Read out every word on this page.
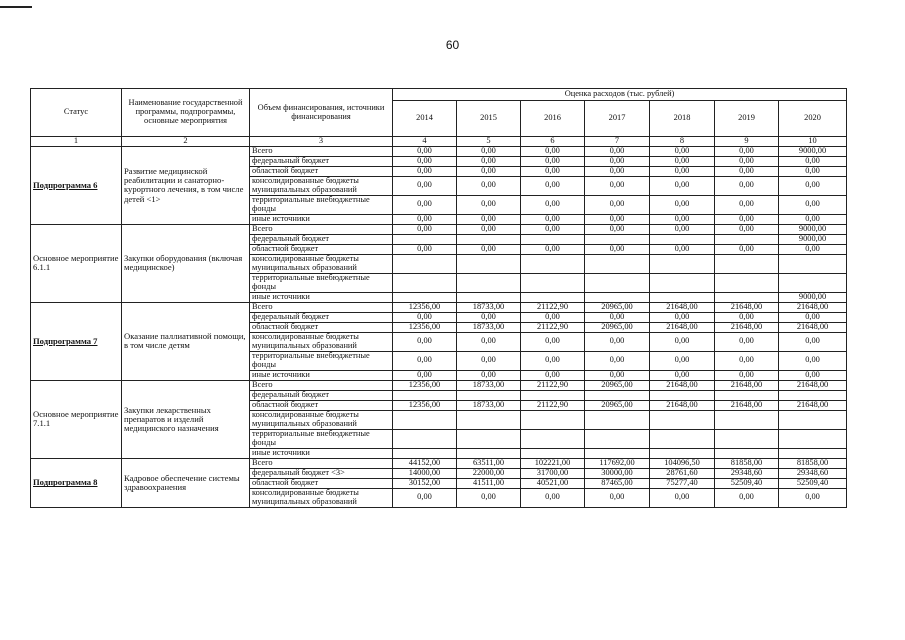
60
Статус	Наименование государственной программы, подпрограммы, основные мероприятия	Объем финансирования, источники финансирования	Оценка расходов (тыс. рублей)						
			2014	2015	2016	2017	2018	2019	2020
1	2	3	4	5	6	7	8	9	10
Подпрограмма 6	Развитие медицинской реабилитации и санаторно-курортного лечения, в том числе детей <1>	Всего	0,00	0,00	0,00	0,00	0,00	0,00	9000,00
		федеральный бюджет	0,00	0,00	0,00	0,00	0,00	0,00	0,00
		областной бюджет	0,00	0,00	0,00	0,00	0,00	0,00	0,00
		консолидированные бюджеты муниципальных образований	0,00	0,00	0,00	0,00	0,00	0,00	0,00
		территориальные внебюджетные фонды	0,00	0,00	0,00	0,00	0,00	0,00	0,00
		иные источники	0,00	0,00	0,00	0,00	0,00	0,00	0,00
Основное мероприятие 6.1.1	Закупки оборудования (включая медицинское)	Всего	0,00	0,00	0,00	0,00	0,00	0,00	9000,00
		федеральный бюджет							9000,00
		областной бюджет	0,00	0,00	0,00	0,00	0,00	0,00	0,00
		консолидированные бюджеты муниципальных образований							
		территориальные внебюджетные фонды							
		иные источники							9000,00
Подпрограмма 7	Оказание паллиативной помощи, в том числе детям	Всего	12356,00	18733,00	21122,90	20965,00	21648,00	21648,00	21648,00
		федеральный бюджет	0,00	0,00	0,00	0,00	0,00	0,00	0,00
		областной бюджет	12356,00	18733,00	21122,90	20965,00	21648,00	21648,00	21648,00
		консолидированные бюджеты муниципальных образований	0,00	0,00	0,00	0,00	0,00	0,00	0,00
		территориальные внебюджетные фонды	0,00	0,00	0,00	0,00	0,00	0,00	0,00
		иные источники	0,00	0,00	0,00	0,00	0,00	0,00	0,00
Основное мероприятие 7.1.1	Закупки лекарственных препаратов и изделий медицинского назначения	Всего	12356,00	18733,00	21122,90	20965,00	21648,00	21648,00	21648,00
		федеральный бюджет							
		областной бюджет	12356,00	18733,00	21122,90	20965,00	21648,00	21648,00	21648,00
		консолидированные бюджеты муниципальных образований							
		территориальные внебюджетные фонды							
		иные источники							
Подпрограмма 8	Кадровое обеспечение системы здравоохранения	Всего	44152,00	63511,00	102221,00	117692,00	104096,50	81858,00	81858,00
		федеральный бюджет <3>	14000,00	22000,00	31700,00	30000,00	28761,60	29348,60	29348,60
		областной бюджет	30152,00	41511,00	40521,00	87465,00	75277,40	52509,40	52509,40
		консолидированные бюджеты муниципальных образований	0,00	0,00	0,00	0,00	0,00	0,00	0,00
